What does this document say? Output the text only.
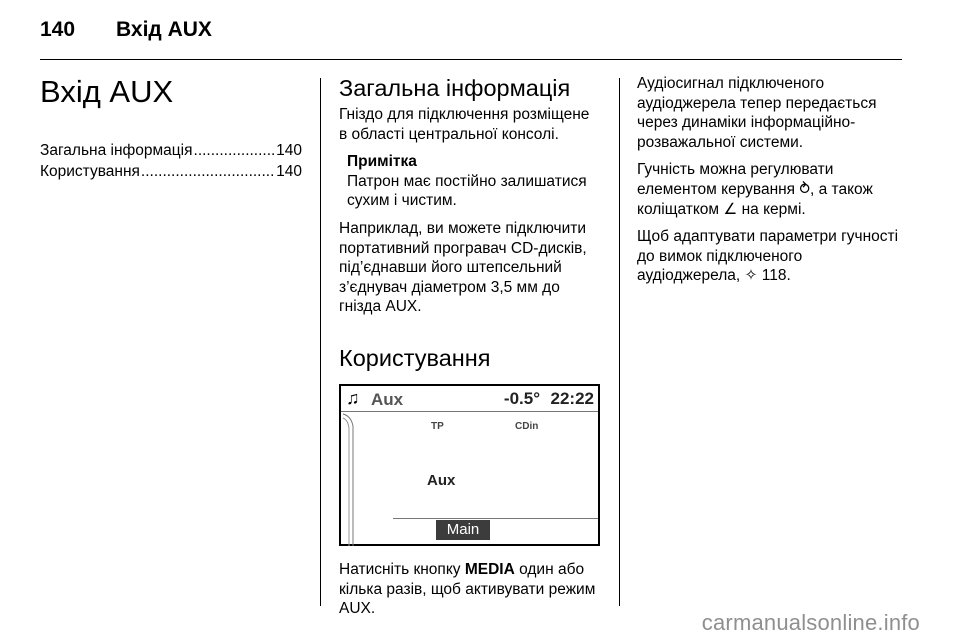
140 Вхід AUX
Вхід AUX
Загальна інформація .....	140
Користування .....	140
Загальна інформація

Гніздо для підключення розміщене в області центральної консолі.

Примітка

Патрон має постійно залишатися сухим і чистим.

Наприклад, ви можете підключити портативний програвач CD-дисків, під’єднавши його штепсельний з’єднувач діаметром 3,5 мм до гнізда AUX.

Користування
♫ Aux	-0.5° 22:22
TP	CDin
Aux
Main

Натисніть кнопку MEDIA один або кілька разів, щоб активувати режим AUX.

Аудіосигнал підключеного аудіоджерела тепер передається через динаміки інформаційно-розважальної системи.

Гучність можна регулювати елементом керування ⥁, а також коліщатком ∠ на кермі.

Щоб адаптувати параметри гучності до вимок підключеного аудіоджерела, ✧ 118.

carmanualsonline.info
